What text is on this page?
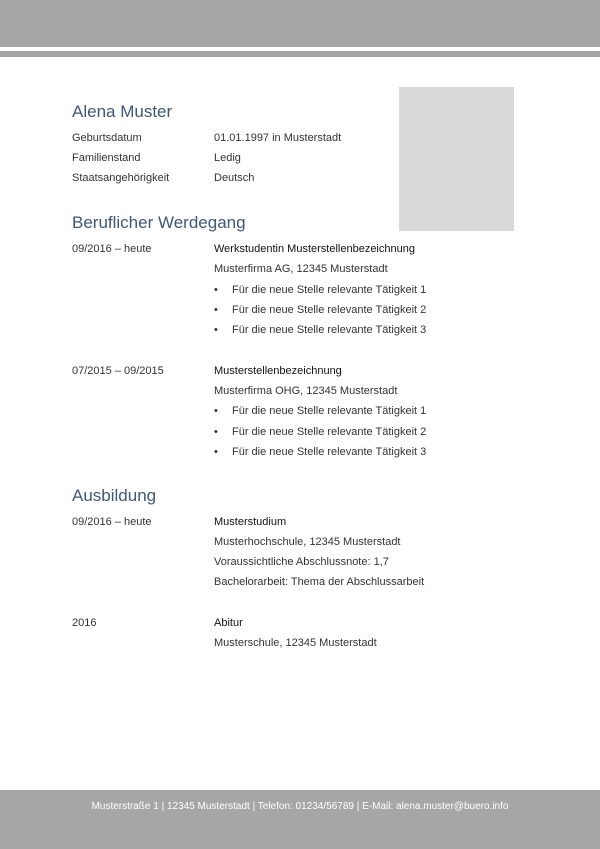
Alena Muster
Geburtsdatum	01.01.1997 in Musterstadt
Familienstand	Ledig
Staatsangehörigkeit	Deutsch
Beruflicher Werdegang
09/2016 – heute	Werkstudentin Musterstellenbezeichnung
Musterfirma AG, 12345 Musterstadt
• Für die neue Stelle relevante Tätigkeit 1
• Für die neue Stelle relevante Tätigkeit 2
• Für die neue Stelle relevante Tätigkeit 3
07/2015 – 09/2015	Musterstellenbezeichnung
Musterfirma OHG, 12345 Musterstadt
• Für die neue Stelle relevante Tätigkeit 1
• Für die neue Stelle relevante Tätigkeit 2
• Für die neue Stelle relevante Tätigkeit 3
Ausbildung
09/2016 – heute	Musterstudium
Musterhochschule, 12345 Musterstadt
Voraussichtliche Abschlussnote: 1,7
Bachelorarbeit: Thema der Abschlussarbeit
2016	Abitur
Musterschule, 12345 Musterstadt
Musterstraße 1 | 12345 Musterstadt | Telefon: 01234/56789 | E-Mail: alena.muster@buero.info
